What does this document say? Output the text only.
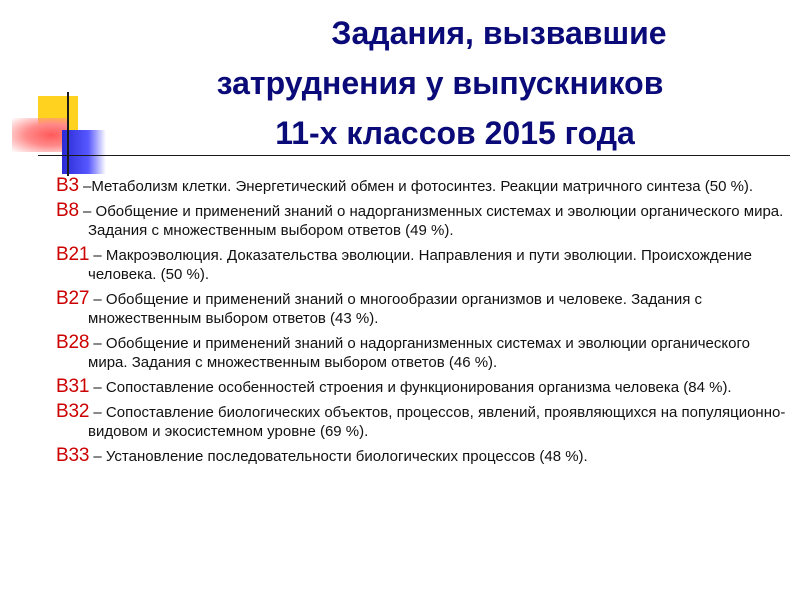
Задания, вызвавшие
затруднения у выпускников
11-х классов 2015 года
В3 –Метаболизм клетки. Энергетический обмен и фотосинтез. Реакции матричного синтеза (50 %).
В8 – Обобщение и применений знаний о надорганизменных системах и эволюции органического мира. Задания с множественным выбором ответов (49 %).
В21 – Макроэволюция. Доказательства эволюции. Направления и пути эволюции. Происхождение человека. (50 %).
В27 – Обобщение и применений знаний о многообразии организмов и человеке. Задания с множественным выбором ответов (43 %).
В28 – Обобщение и применений знаний о надорганизменных системах и эволюции органического мира. Задания с множественным выбором ответов (46 %).
В31 – Сопоставление особенностей строения и функционирования организма человека (84 %).
В32 – Сопоставление биологических объектов, процессов, явлений, проявляющихся на популяционно-видовом и экосистемном уровне (69 %).
В33 – Установление последовательности биологических процессов (48 %).
